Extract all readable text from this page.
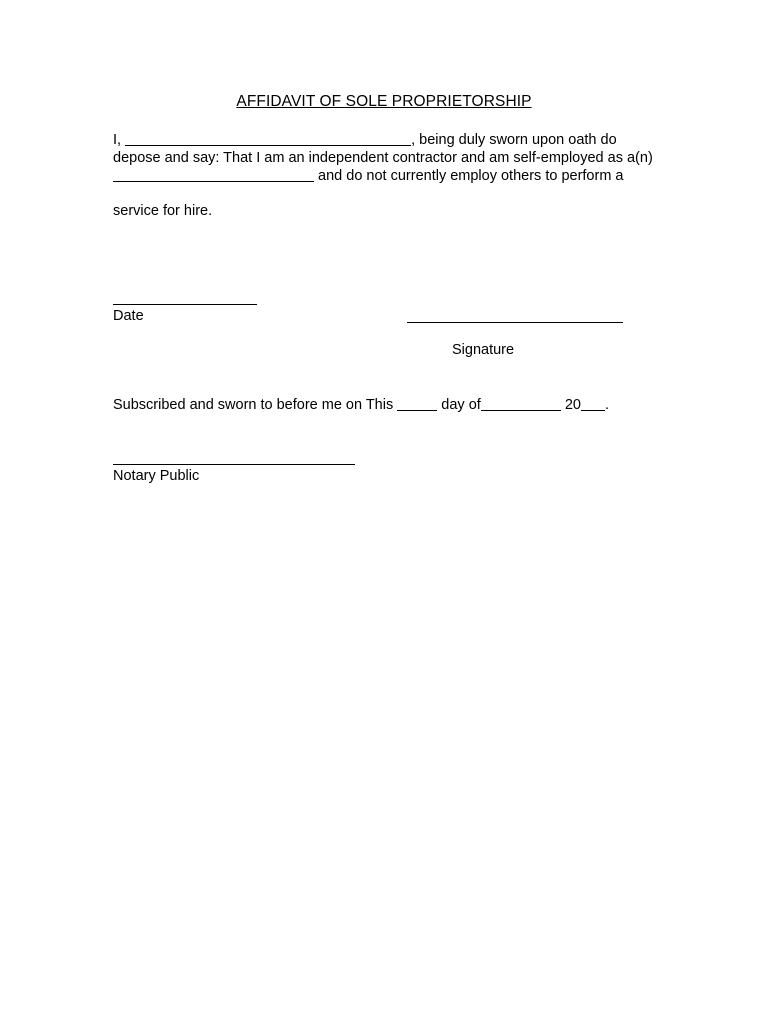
AFFIDAVIT OF SOLE PROPRIETORSHIP
I,	, being duly sworn upon oath do
depose and say: That I am an independent contractor and am self-employed as a(n)
and do not currently employ others to perform a
service for hire.
Date
Signature
Subscribed and sworn to before me on This	day of	20 .
Notary Public
